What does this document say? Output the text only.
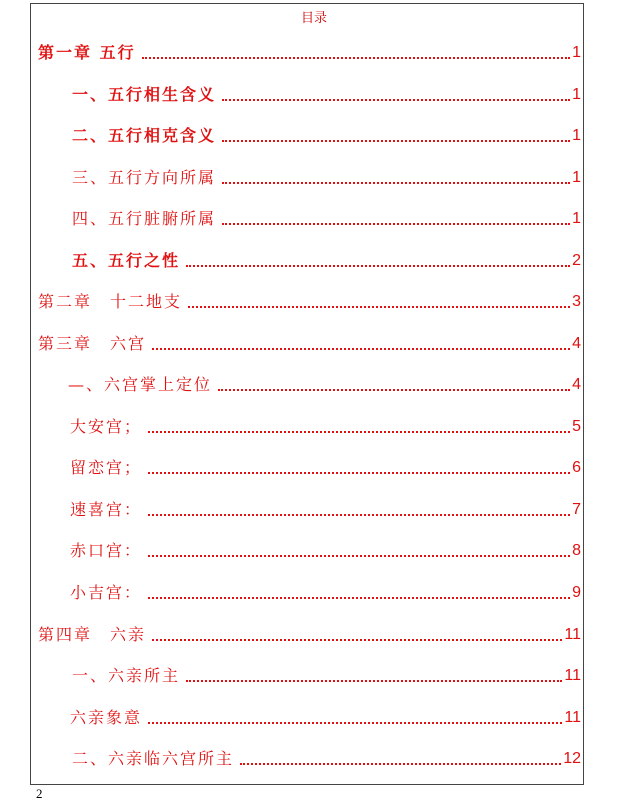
目录
第一章 五行	1
一、五行相生含义	1
二、五行相克含义	1
三、五行方向所属	1
四、五行脏腑所属	1
五、五行之性	2
第二章　十二地支	3
第三章　六宫	4
—、六宫掌上定位	4
大安宫；	5
留恋宫；	6
速喜宫：	7
赤口宫：	8
小吉宫：	9
第四章　六亲	11
一、六亲所主	11
六亲象意	11
二、六亲临六宫所主	12
2
